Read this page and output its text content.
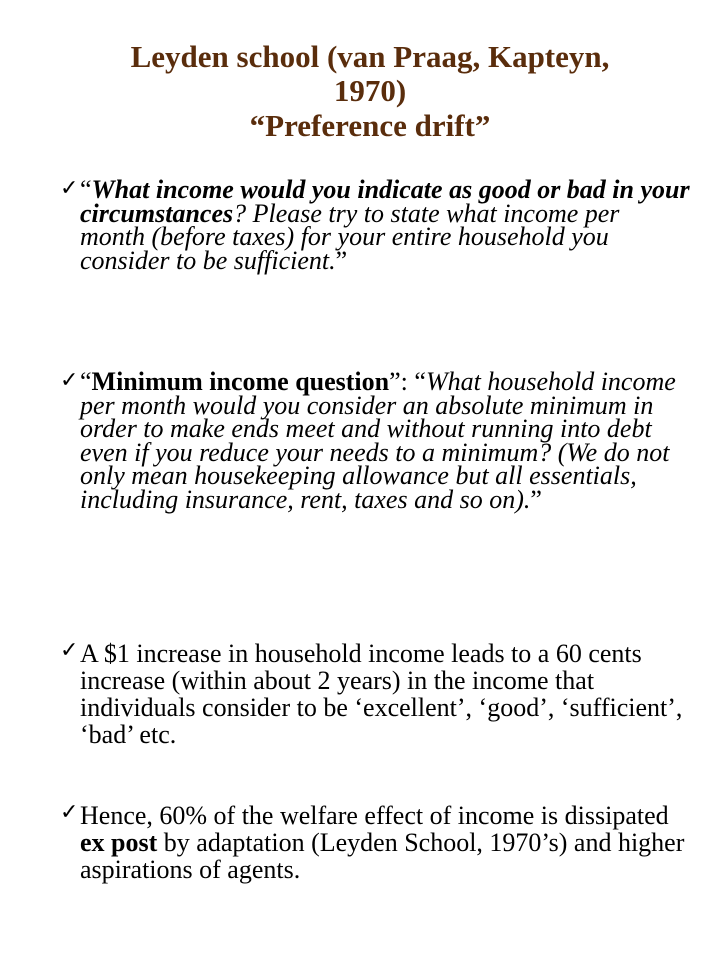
Leyden school (van Praag, Kapteyn,
1970)
“Preference drift”
✓ “What income would you indicate as good or bad in your circumstances? Please try to state what income per month (before taxes) for your entire household you consider to be sufficient.”
✓ “Minimum income question”: “What household income per month would you consider an absolute minimum in order to make ends meet and without running into debt even if you reduce your needs to a minimum? (We do not only mean housekeeping allowance but all essentials, including insurance, rent, taxes and so on).”
✓ A $1 increase in household income leads to a 60 cents increase (within about 2 years) in the income that individuals consider to be ‘excellent’, ‘good’, ‘sufficient’, ‘bad’ etc.
✓ Hence, 60% of the welfare effect of income is dissipated ex post by adaptation (Leyden School, 1970’s) and higher aspirations of agents.
